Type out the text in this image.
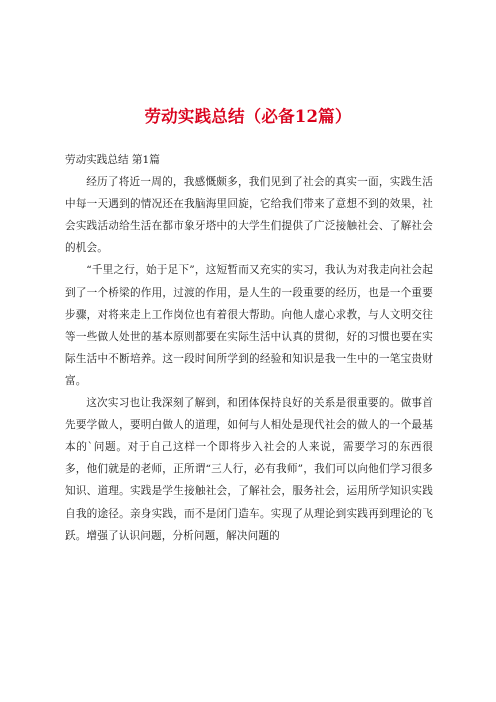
劳动实践总结（必备12篇）

劳动实践总结 第1篇

经历了将近一周的，我感慨颇多，我们见到了社会的真实一面，实践生活中每一天遇到的情况还在我脑海里回旋，它给我们带来了意想不到的效果，社会实践活动给生活在都市象牙塔中的大学生们提供了广泛接触社会、了解社会的机会。

“千里之行，始于足下”，这短暂而又充实的实习，我认为对我走向社会起到了一个桥梁的作用，过渡的作用，是人生的一段重要的经历，也是一个重要步骤，对将来走上工作岗位也有着很大帮助。向他人虚心求教，与人文明交往等一些做人处世的基本原则都要在实际生活中认真的贯彻，好的习惯也要在实际生活中不断培养。这一段时间所学到的经验和知识是我一生中的一笔宝贵财富。

这次实习也让我深刻了解到，和团体保持良好的关系是很重要的。做事首先要学做人，要明白做人的道理，如何与人相处是现代社会的做人的一个最基本的`问题。对于自己这样一个即将步入社会的人来说，需要学习的东西很多，他们就是的老师，正所谓“三人行，必有我师”，我们可以向他们学习很多知识、道理。实践是学生接触社会，了解社会，服务社会，运用所学知识实践自我的途径。亲身实践，而不是闭门造车。实现了从理论到实践再到理论的飞跃。增强了认识问题，分析问题，解决问题的
